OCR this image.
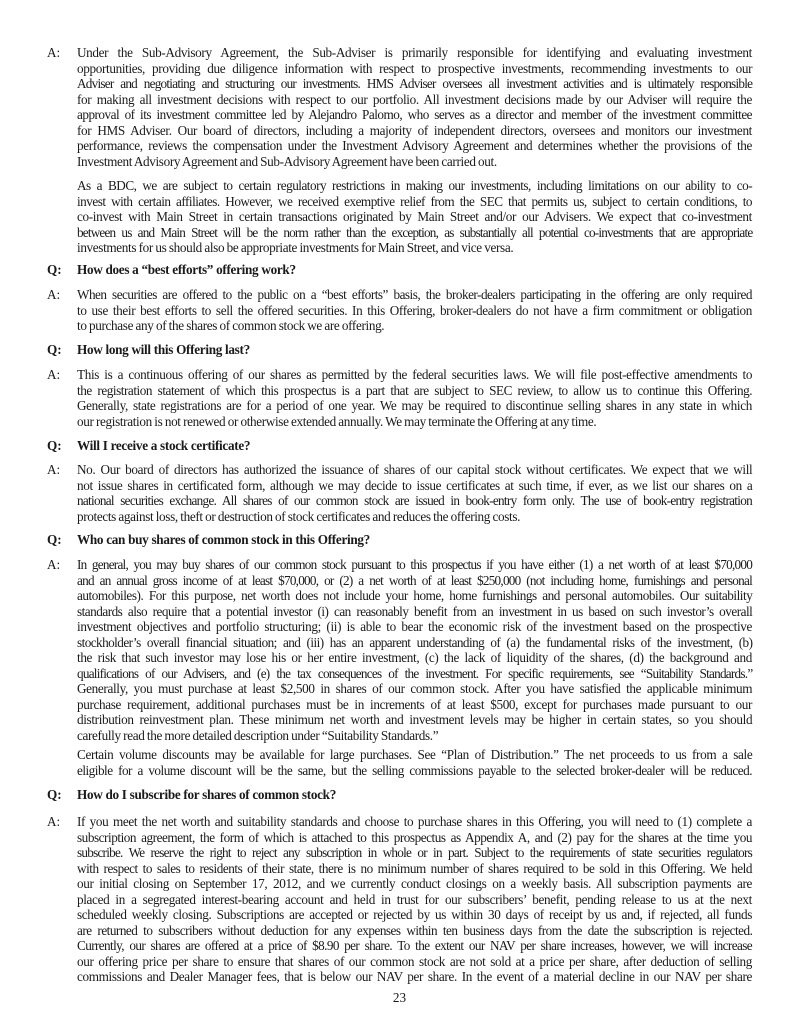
A: Under the Sub-Advisory Agreement, the Sub-Adviser is primarily responsible for identifying and evaluating investment
opportunities, providing due diligence information with respect to prospective investments, recommending investments to our
Adviser and negotiating and structuring our investments. HMS Adviser oversees all investment activities and is ultimately responsible
for making all investment decisions with respect to our portfolio. All investment decisions made by our Adviser will require the
approval of its investment committee led by Alejandro Palomo, who serves as a director and member of the investment committee
for HMS Adviser. Our board of directors, including a majority of independent directors, oversees and monitors our investment
performance, reviews the compensation under the Investment Advisory Agreement and determines whether the provisions of the
Investment Advisory Agreement and Sub-Advisory Agreement have been carried out.
As a BDC, we are subject to certain regulatory restrictions in making our investments, including limitations on our ability to co-
invest with certain affiliates. However, we received exemptive relief from the SEC that permits us, subject to certain conditions, to
co-invest with Main Street in certain transactions originated by Main Street and/or our Advisers. We expect that co-investment
between us and Main Street will be the norm rather than the exception, as substantially all potential co-investments that are appropriate
investments for us should also be appropriate investments for Main Street, and vice versa.
Q: How does a “best efforts” offering work?
A: When securities are offered to the public on a “best efforts” basis, the broker-dealers participating in the offering are only required
to use their best efforts to sell the offered securities. In this Offering, broker-dealers do not have a firm commitment or obligation
to purchase any of the shares of common stock we are offering.
Q: How long will this Offering last?
A: This is a continuous offering of our shares as permitted by the federal securities laws. We will file post-effective amendments to
the registration statement of which this prospectus is a part that are subject to SEC review, to allow us to continue this Offering.
Generally, state registrations are for a period of one year. We may be required to discontinue selling shares in any state in which
our registration is not renewed or otherwise extended annually. We may terminate the Offering at any time.
Q: Will I receive a stock certificate?
A: No. Our board of directors has authorized the issuance of shares of our capital stock without certificates. We expect that we will
not issue shares in certificated form, although we may decide to issue certificates at such time, if ever, as we list our shares on a
national securities exchange. All shares of our common stock are issued in book-entry form only. The use of book-entry registration
protects against loss, theft or destruction of stock certificates and reduces the offering costs.
Q: Who can buy shares of common stock in this Offering?
A: In general, you may buy shares of our common stock pursuant to this prospectus if you have either (1) a net worth of at least $70,000
and an annual gross income of at least $70,000, or (2) a net worth of at least $250,000 (not including home, furnishings and personal
automobiles). For this purpose, net worth does not include your home, home furnishings and personal automobiles. Our suitability
standards also require that a potential investor (i) can reasonably benefit from an investment in us based on such investor’s overall
investment objectives and portfolio structuring; (ii) is able to bear the economic risk of the investment based on the prospective
stockholder’s overall financial situation; and (iii) has an apparent understanding of (a) the fundamental risks of the investment, (b)
the risk that such investor may lose his or her entire investment, (c) the lack of liquidity of the shares, (d) the background and
qualifications of our Advisers, and (e) the tax consequences of the investment. For specific requirements, see “Suitability Standards.”
Generally, you must purchase at least $2,500 in shares of our common stock. After you have satisfied the applicable minimum
purchase requirement, additional purchases must be in increments of at least $500, except for purchases made pursuant to our
distribution reinvestment plan. These minimum net worth and investment levels may be higher in certain states, so you should
carefully read the more detailed description under “Suitability Standards.”
Certain volume discounts may be available for large purchases. See “Plan of Distribution.” The net proceeds to us from a sale
eligible for a volume discount will be the same, but the selling commissions payable to the selected broker-dealer will be reduced.
Q: How do I subscribe for shares of common stock?
A: If you meet the net worth and suitability standards and choose to purchase shares in this Offering, you will need to (1) complete a
subscription agreement, the form of which is attached to this prospectus as Appendix A, and (2) pay for the shares at the time you
subscribe. We reserve the right to reject any subscription in whole or in part. Subject to the requirements of state securities regulators
with respect to sales to residents of their state, there is no minimum number of shares required to be sold in this Offering. We held
our initial closing on September 17, 2012, and we currently conduct closings on a weekly basis. All subscription payments are
placed in a segregated interest-bearing account and held in trust for our subscribers’ benefit, pending release to us at the next
scheduled weekly closing. Subscriptions are accepted or rejected by us within 30 days of receipt by us and, if rejected, all funds
are returned to subscribers without deduction for any expenses within ten business days from the date the subscription is rejected.
Currently, our shares are offered at a price of $8.90 per share. To the extent our NAV per share increases, however, we will increase
our offering price per share to ensure that shares of our common stock are not sold at a price per share, after deduction of selling
commissions and Dealer Manager fees, that is below our NAV per share. In the event of a material decline in our NAV per share
23
